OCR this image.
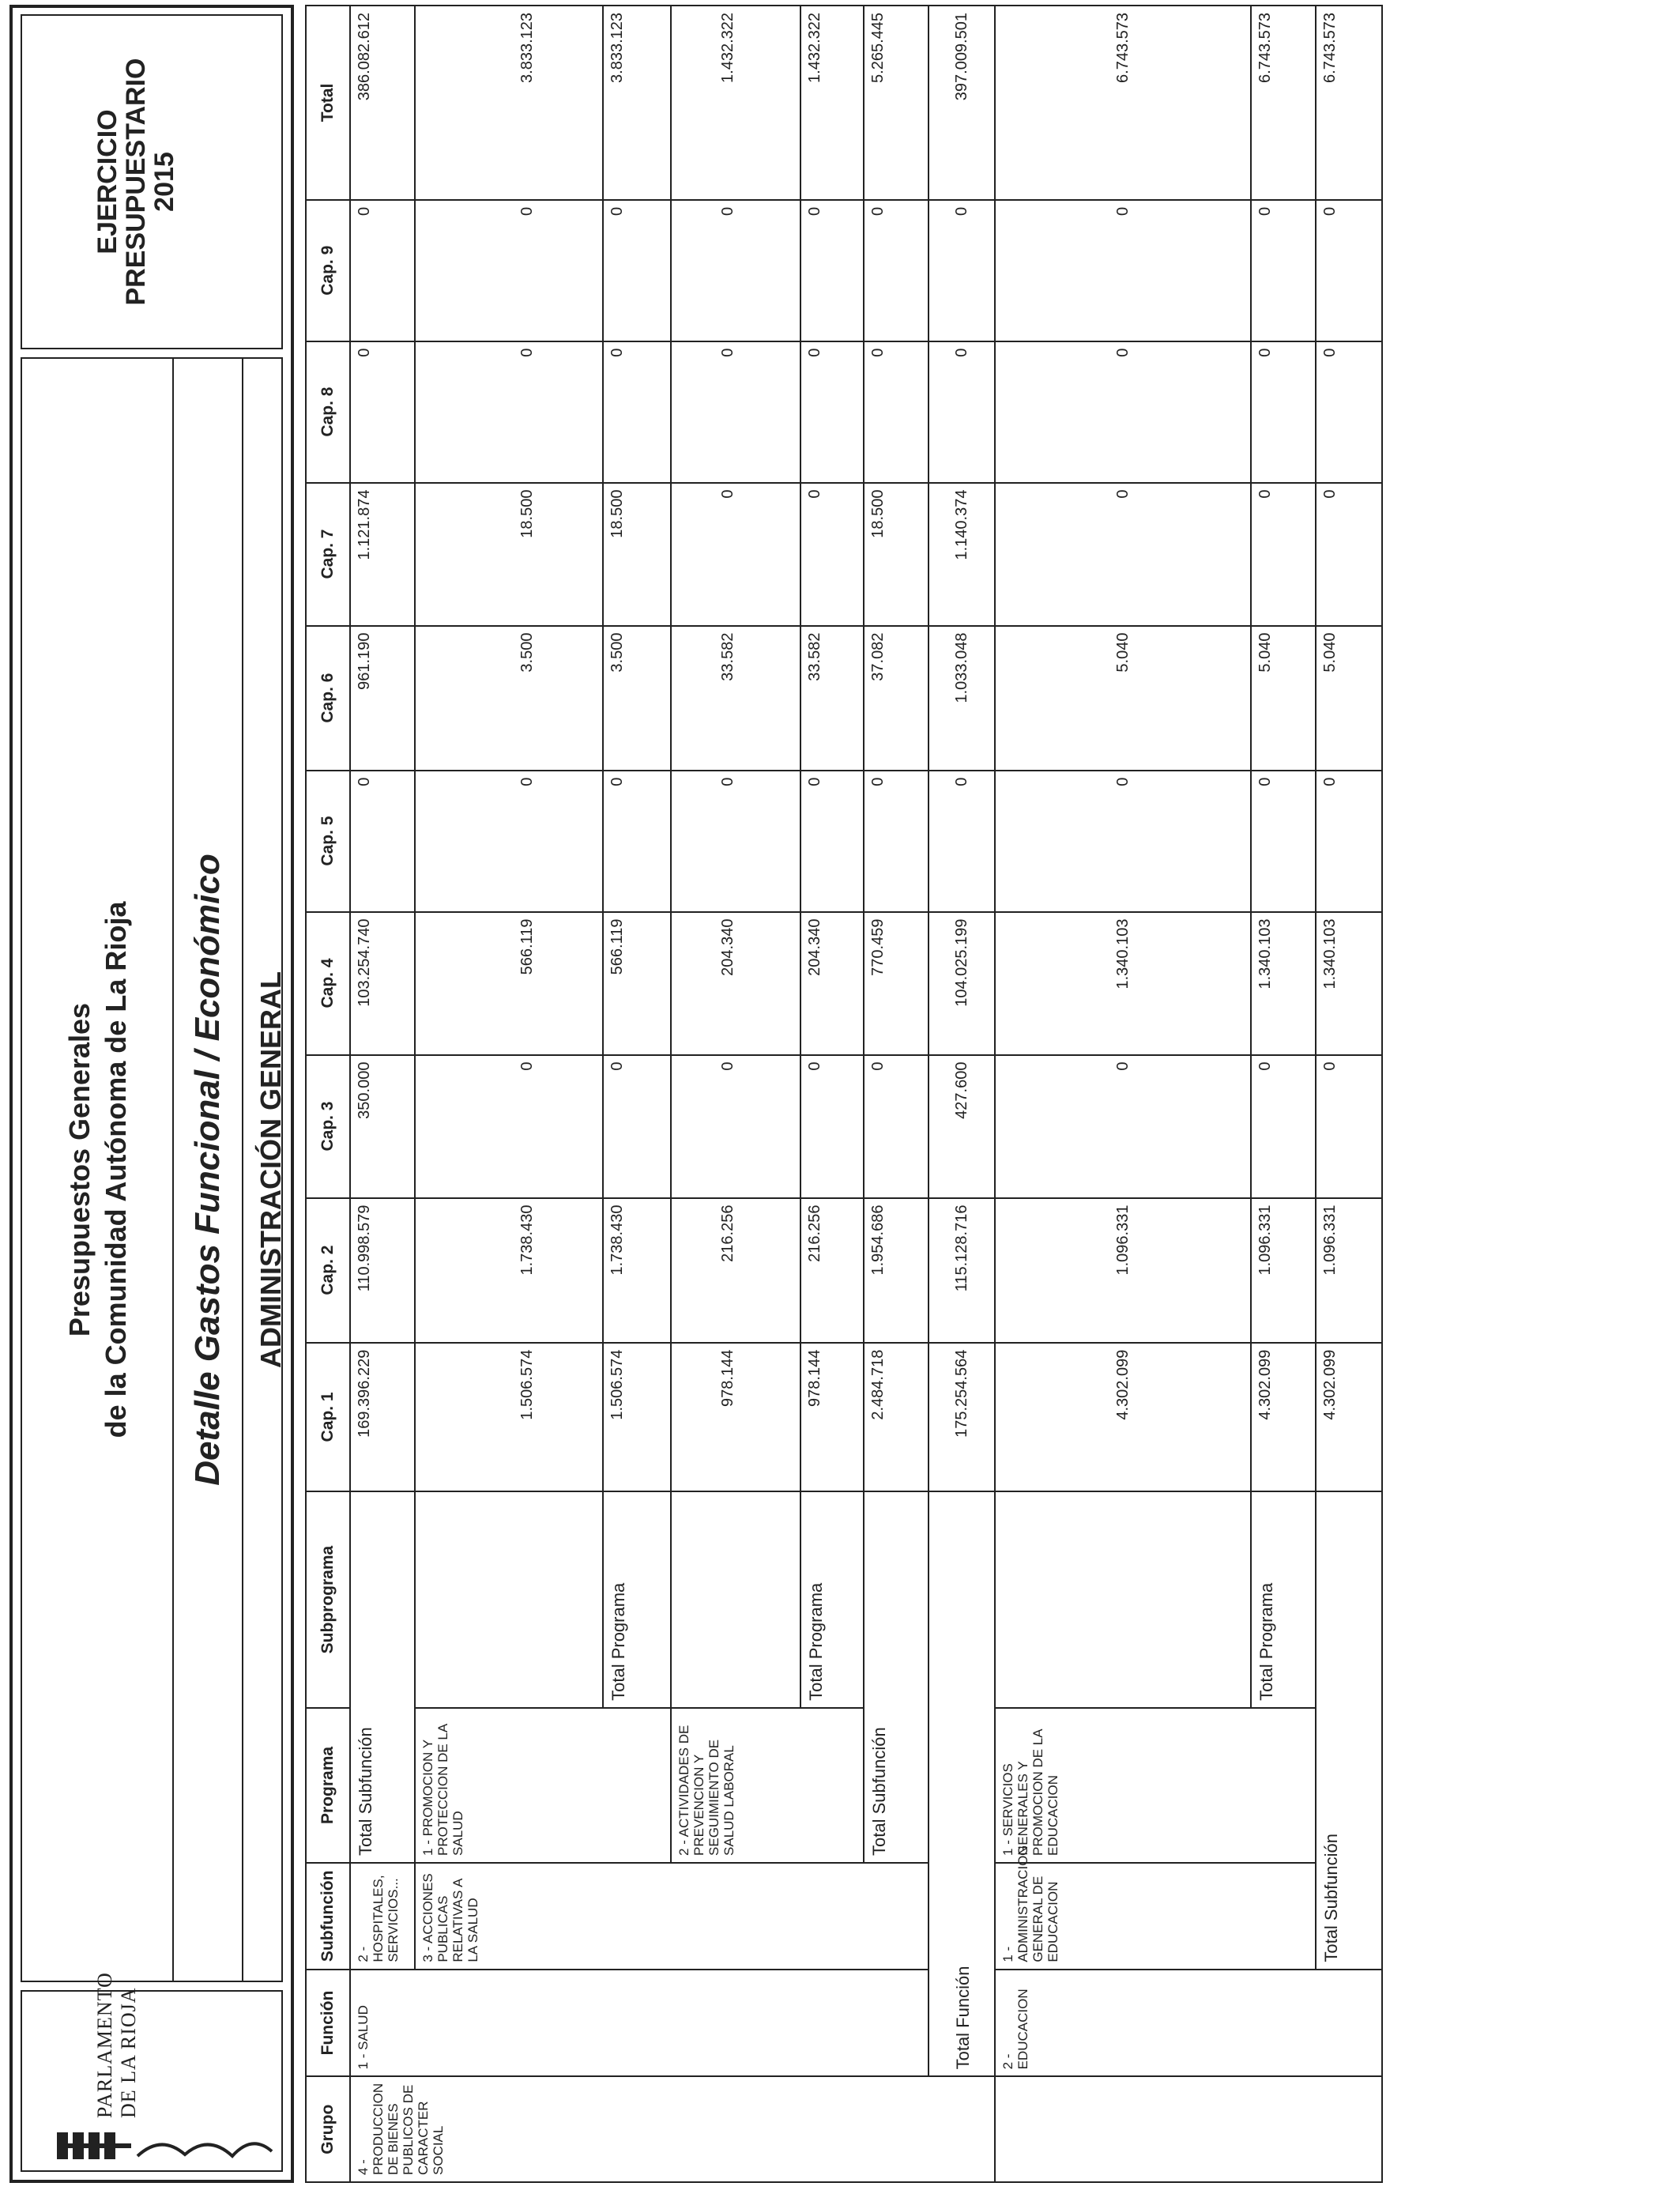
PARLAMENTO DE LA RIOJA
Presupuestos Generales de la Comunidad Autónoma de La Rioja Detalle Gastos Funcional / Económico ADMINISTRACIÓN GENERAL
EJERCICIO
PRESUPUESTARIO
2015
Grupo	Función	Subfunción	Programa	Subprograma	Cap. 1	Cap. 2	Cap. 3	Cap. 4	Cap. 5	Cap. 6	Cap. 7	Cap. 8	Cap. 9	Total
4 - PRODUCCION DE BIENES PUBLICOS DE CARACTER SOCIAL	1 - SALUD	2 - HOSPITALES, SERVICIOS...	Total Subfunción		169.396.229	110.998.579	350.000	103.254.740	0	961.190	1.121.874	0	0	386.082.612
		3 - ACCIONES PUBLICAS RELATIVAS A LA SALUD	1 - PROMOCION Y PROTECCION DE LA SALUD		1.506.574	1.738.430	0	566.119	0	3.500	18.500	0	0	3.833.123
				Total Programa	1.506.574	1.738.430	0	566.119	0	3.500	18.500	0	0	3.833.123
			2 - ACTIVIDADES DE PREVENCION Y SEGUIMIENTO DE SALUD LABORAL		978.144	216.256	0	204.340	0	33.582	0	0	0	1.432.322
				Total Programa	978.144	216.256	0	204.340	0	33.582	0	0	0	1.432.322
			Total Subfunción		2.484.718	1.954.686	0	770.459	0	37.082	18.500	0	0	5.265.445
	Total Función				175.254.564	115.128.716	427.600	104.025.199	0	1.033.048	1.140.374	0	0	397.009.501
	2 - EDUCACION	1 - ADMINISTRACION GENERAL DE EDUCACION	1 - SERVICIOS GENERALES Y PROMOCION DE LA EDUCACION		4.302.099	1.096.331	0	1.340.103	0	5.040	0	0	0	6.743.573
				Total Programa	4.302.099	1.096.331	0	1.340.103	0	5.040	0	0	0	6.743.573
		Total Subfunción			4.302.099	1.096.331	0	1.340.103	0	5.040	0	0	0	6.743.573
